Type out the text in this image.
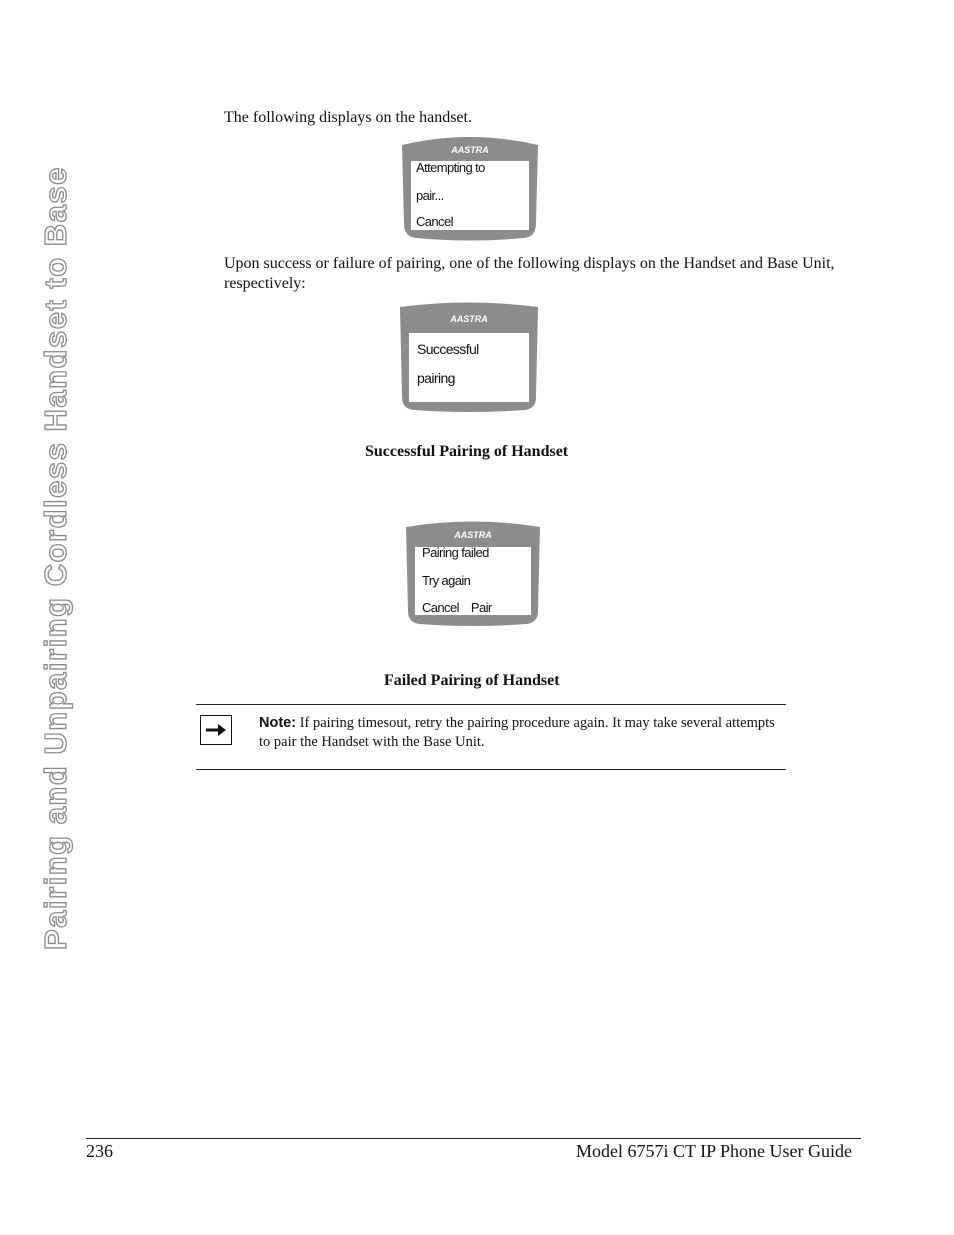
Pairing and Unpairing Cordless Handset to Base

The following displays on the handset.

AASTRA
Attempting to
pair...
Cancel

Upon success or failure of pairing, one of the following displays on the Handset and Base Unit, respectively:

AASTRA
Successful
pairing
Successful Pairing of Handset
AASTRA
Pairing failed
Try again
Cancel    Pair
Failed Pairing of Handset
Note: If pairing timesout, retry the pairing procedure again. It may take several attempts to pair the Handset with the Base Unit.
236	Model 6757i CT IP Phone User Guide
